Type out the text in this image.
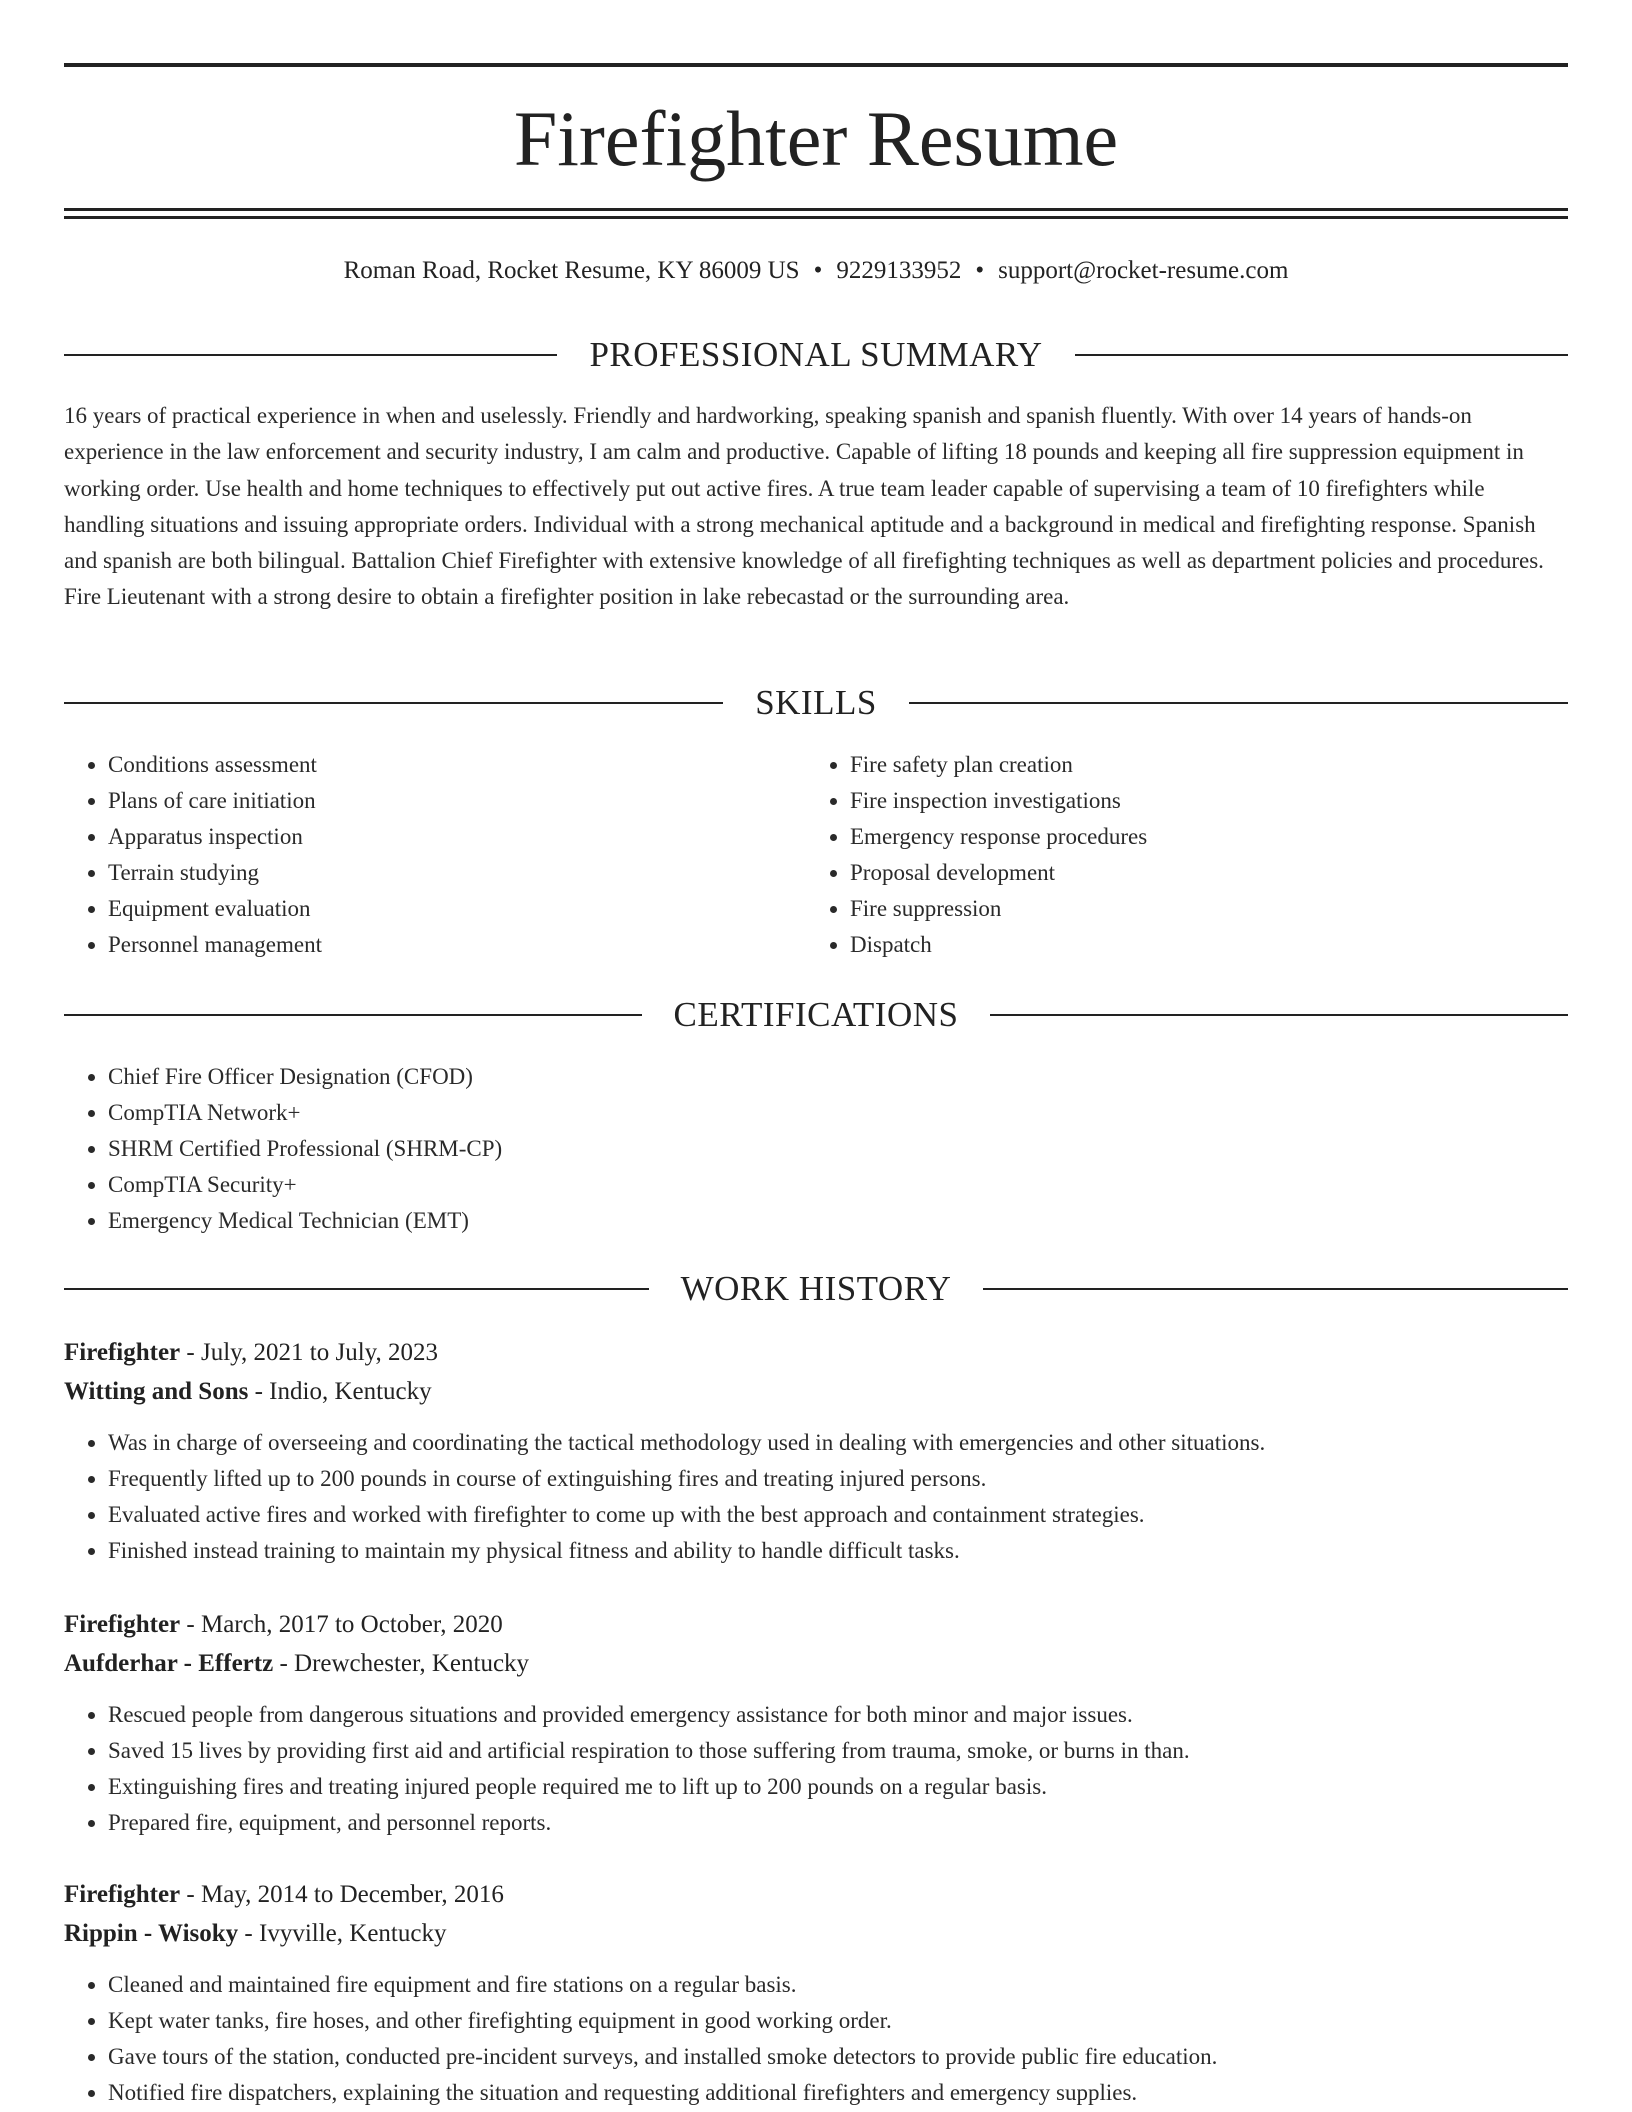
Firefighter Resume
Roman Road, Rocket Resume, KY 86009 US • 9229133952 • support@rocket-resume.com
PROFESSIONAL SUMMARY

16 years of practical experience in when and uselessly. Friendly and hardworking, speaking spanish and spanish fluently. With over 14 years of hands-on experience in the law enforcement and security industry, I am calm and productive. Capable of lifting 18 pounds and keeping all fire suppression equipment in working order. Use health and home techniques to effectively put out active fires. A true team leader capable of supervising a team of 10 firefighters while handling situations and issuing appropriate orders. Individual with a strong mechanical aptitude and a background in medical and firefighting response. Spanish and spanish are both bilingual. Battalion Chief Firefighter with extensive knowledge of all firefighting techniques as well as department policies and procedures. Fire Lieutenant with a strong desire to obtain a firefighter position in lake rebecastad or the surrounding area.

SKILLS
• Conditions assessment
• Plans of care initiation
• Apparatus inspection
• Terrain studying
• Equipment evaluation
• Personnel management
• Fire safety plan creation
• Fire inspection investigations
• Emergency response procedures
• Proposal development
• Fire suppression
• Dispatch
CERTIFICATIONS
• Chief Fire Officer Designation (CFOD)
• CompTIA Network+
• SHRM Certified Professional (SHRM-CP)
• CompTIA Security+
• Emergency Medical Technician (EMT)
WORK HISTORY
Firefighter - July, 2021 to July, 2023
Witting and Sons - Indio, Kentucky
• Was in charge of overseeing and coordinating the tactical methodology used in dealing with emergencies and other situations.
• Frequently lifted up to 200 pounds in course of extinguishing fires and treating injured persons.
• Evaluated active fires and worked with firefighter to come up with the best approach and containment strategies.
• Finished instead training to maintain my physical fitness and ability to handle difficult tasks.
Firefighter - March, 2017 to October, 2020
Aufderhar - Effertz - Drewchester, Kentucky
• Rescued people from dangerous situations and provided emergency assistance for both minor and major issues.
• Saved 15 lives by providing first aid and artificial respiration to those suffering from trauma, smoke, or burns in than.
• Extinguishing fires and treating injured people required me to lift up to 200 pounds on a regular basis.
• Prepared fire, equipment, and personnel reports.
Firefighter - May, 2014 to December, 2016
Rippin - Wisoky - Ivyville, Kentucky
• Cleaned and maintained fire equipment and fire stations on a regular basis.
• Kept water tanks, fire hoses, and other firefighting equipment in good working order.
• Gave tours of the station, conducted pre-incident surveys, and installed smoke detectors to provide public fire education.
• Notified fire dispatchers, explaining the situation and requesting additional firefighters and emergency supplies.
